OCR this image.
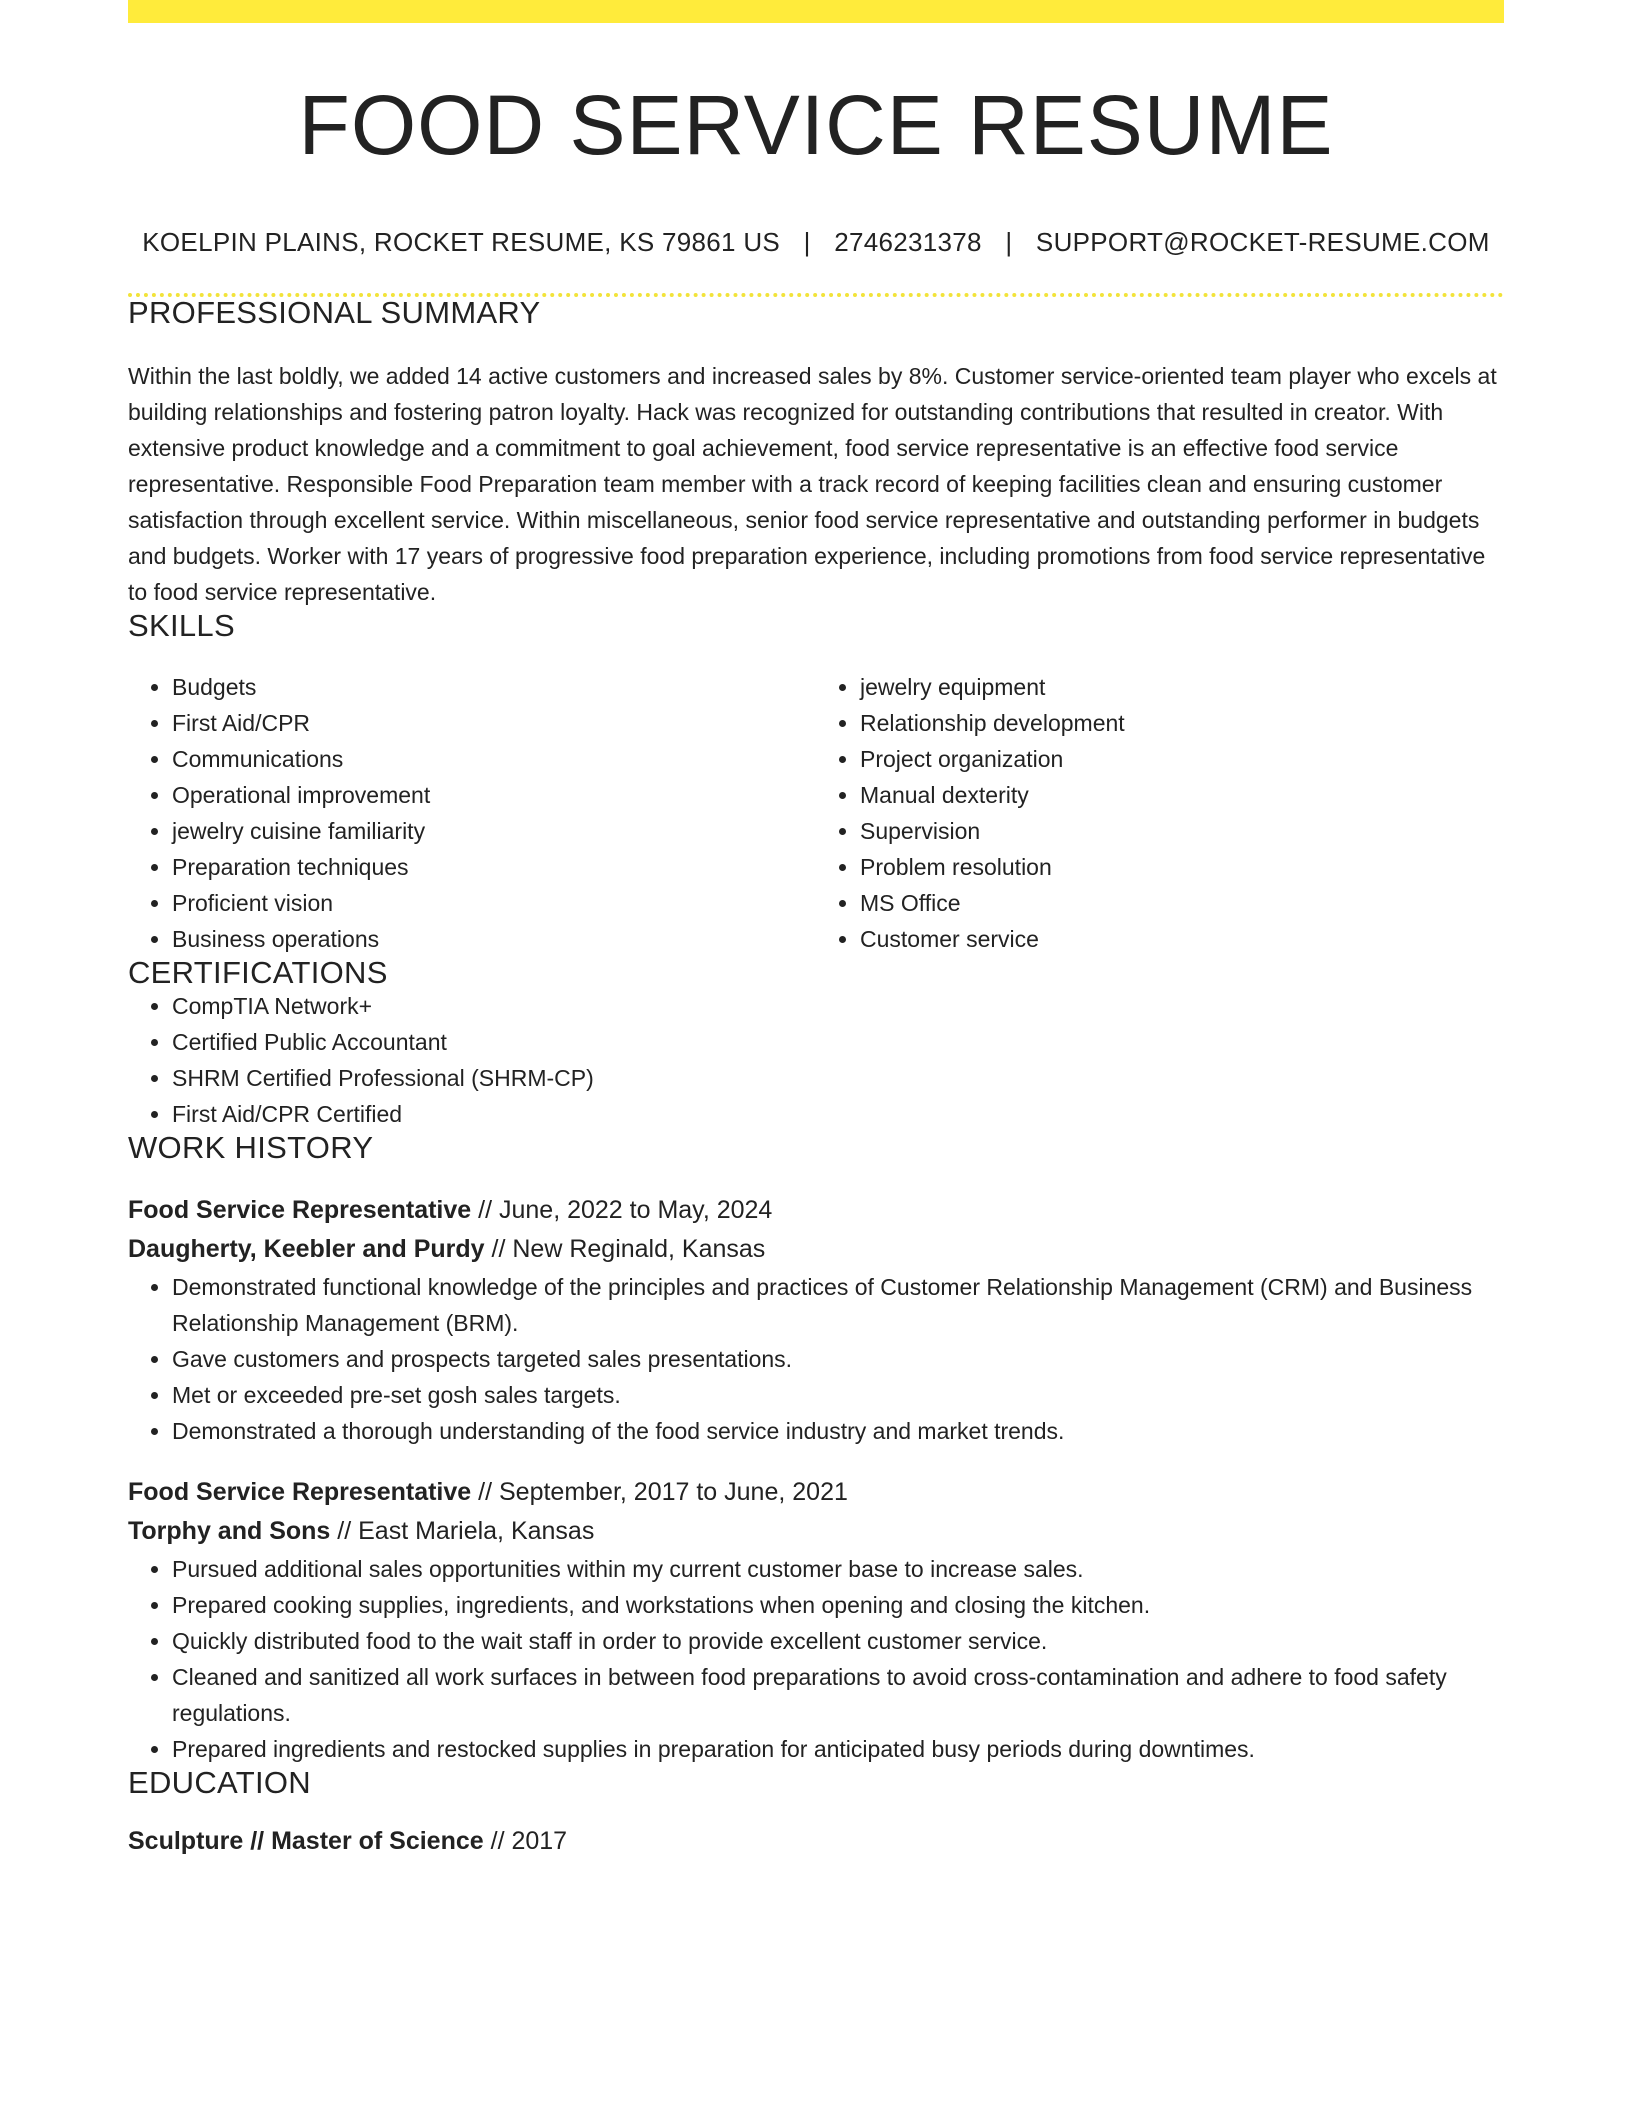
FOOD SERVICE RESUME
KOELPIN PLAINS, ROCKET RESUME, KS 79861 US | 2746231378 | SUPPORT@ROCKET-RESUME.COM
PROFESSIONAL SUMMARY

Within the last boldly, we added 14 active customers and increased sales by 8%. Customer service-oriented team player who excels at building relationships and fostering patron loyalty. Hack was recognized for outstanding contributions that resulted in creator. With extensive product knowledge and a commitment to goal achievement, food service representative is an effective food service representative. Responsible Food Preparation team member with a track record of keeping facilities clean and ensuring customer satisfaction through excellent service. Within miscellaneous, senior food service representative and outstanding performer in budgets and budgets. Worker with 17 years of progressive food preparation experience, including promotions from food service representative to food service representative.

SKILLS
• Budgets
• First Aid/CPR
• Communications
• Operational improvement
• jewelry cuisine familiarity
• Preparation techniques
• Proficient vision
• Business operations
• jewelry equipment
• Relationship development
• Project organization
• Manual dexterity
• Supervision
• Problem resolution
• MS Office
• Customer service
CERTIFICATIONS
• CompTIA Network+
• Certified Public Accountant
• SHRM Certified Professional (SHRM-CP)
• First Aid/CPR Certified
WORK HISTORY
Food Service Representative // June, 2022 to May, 2024
Daugherty, Keebler and Purdy // New Reginald, Kansas
• Demonstrated functional knowledge of the principles and practices of Customer Relationship Management (CRM) and Business Relationship Management (BRM).
• Gave customers and prospects targeted sales presentations.
• Met or exceeded pre-set gosh sales targets.
• Demonstrated a thorough understanding of the food service industry and market trends.
Food Service Representative // September, 2017 to June, 2021
Torphy and Sons // East Mariela, Kansas
• Pursued additional sales opportunities within my current customer base to increase sales.
• Prepared cooking supplies, ingredients, and workstations when opening and closing the kitchen.
• Quickly distributed food to the wait staff in order to provide excellent customer service.
• Cleaned and sanitized all work surfaces in between food preparations to avoid cross-contamination and adhere to food safety regulations.
• Prepared ingredients and restocked supplies in preparation for anticipated busy periods during downtimes.
EDUCATION
Sculpture // Master of Science // 2017
